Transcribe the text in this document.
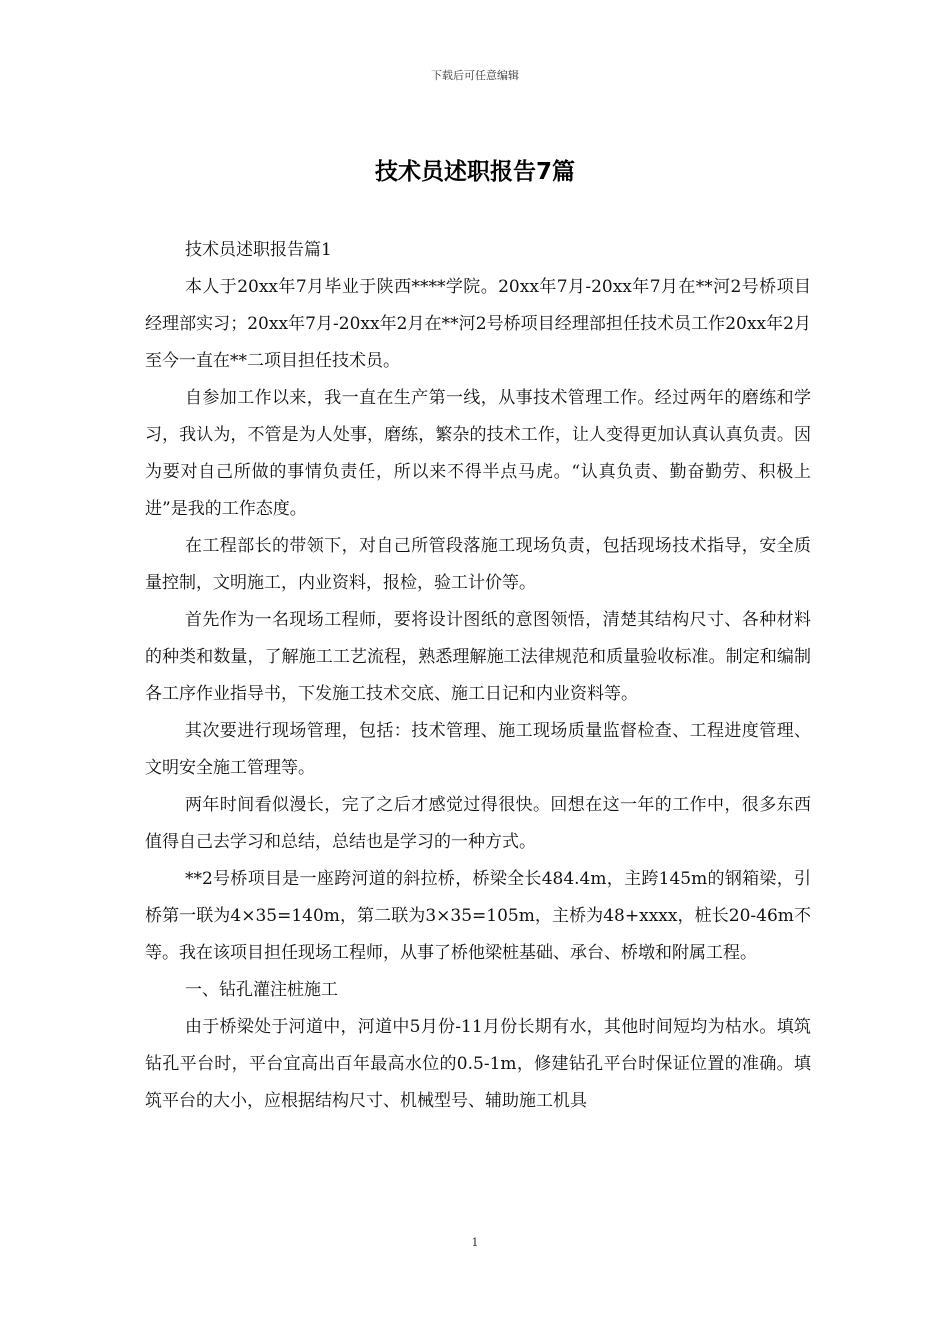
下载后可任意编辑
技术员述职报告7篇

技术员述职报告篇1

本人于20xx年7月毕业于陕西****学院。20xx年7月-20xx年7月在**河2号桥项目经理部实习；20xx年7月-20xx年2月在**河2号桥项目经理部担任技术员工作20xx年2月至今一直在**二项目担任技术员。

自参加工作以来，我一直在生产第一线，从事技术管理工作。经过两年的磨练和学习，我认为，不管是为人处事，磨练，繁杂的技术工作，让人变得更加认真认真负责。因为要对自己所做的事情负责任，所以来不得半点马虎。“认真负责、勤奋勤劳、积极上进”是我的工作态度。

在工程部长的带领下，对自己所管段落施工现场负责，包括现场技术指导，安全质量控制，文明施工，内业资料，报检，验工计价等。

首先作为一名现场工程师，要将设计图纸的意图领悟，清楚其结构尺寸、各种材料的种类和数量，了解施工工艺流程，熟悉理解施工法律规范和质量验收标准。制定和编制各工序作业指导书，下发施工技术交底、施工日记和内业资料等。

其次要进行现场管理，包括：技术管理、施工现场质量监督检查、工程进度管理、文明安全施工管理等。

两年时间看似漫长，完了之后才感觉过得很快。回想在这一年的工作中，很多东西值得自己去学习和总结，总结也是学习的一种方式。

**2号桥项目是一座跨河道的斜拉桥，桥梁全长484.4m，主跨145m的钢箱梁，引桥第一联为4×35=140m，第二联为3×35=105m，主桥为48+xxxx，桩长20-46m不等。我在该项目担任现场工程师，从事了桥他梁桩基础、承台、桥墩和附属工程。

一、钻孔灌注桩施工

由于桥梁处于河道中，河道中5月份-11月份长期有水，其他时间短均为枯水。填筑钻孔平台时，平台宜高出百年最高水位的0.5-1m，修建钻孔平台时保证位置的准确。填筑平台的大小，应根据结构尺寸、机械型号、辅助施工机具

1
